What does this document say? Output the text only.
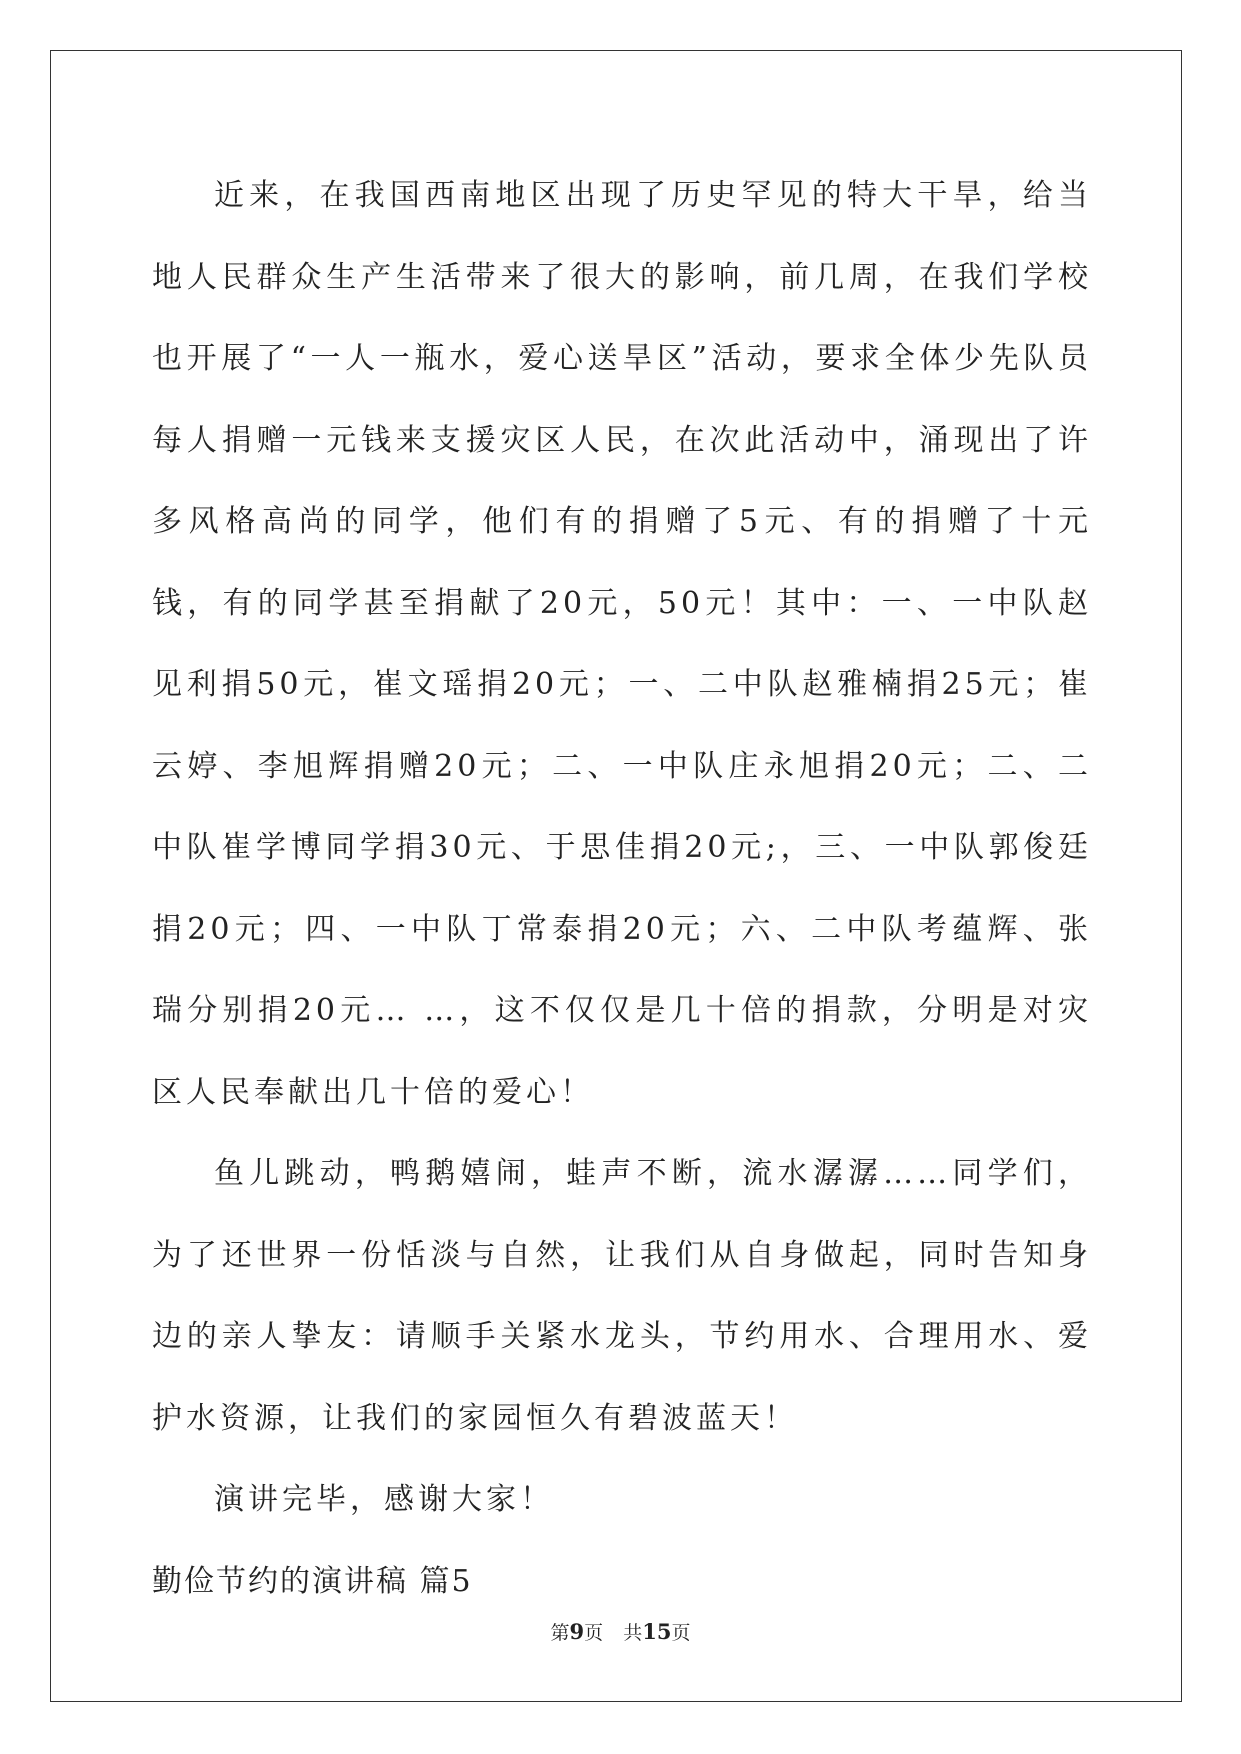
近来，在我国西南地区出现了历史罕见的特大干旱，给当地人民群众生产生活带来了很大的影响，前几周，在我们学校也开展了“一人一瓶水，爱心送旱区”活动，要求全体少先队员每人捐赠一元钱来支援灾区人民，在次此活动中，涌现出了许多风格高尚的同学，他们有的捐赠了5元、有的捐赠了十元钱，有的同学甚至捐献了20元，50元！其中：一、一中队赵见利捐50元，崔文瑶捐20元；一、二中队赵雅楠捐25元；崔云婷、李旭辉捐赠20元；二、一中队庄永旭捐20元；二、二中队崔学博同学捐30元、于思佳捐20元;，三、一中队郭俊廷捐20元；四、一中队丁常泰捐20元；六、二中队考蕴辉、张瑞分别捐20元… …，这不仅仅是几十倍的捐款，分明是对灾区人民奉献出几十倍的爱心！

鱼儿跳动，鸭鹅嬉闹，蛙声不断，流水潺潺……同学们，为了还世界一份恬淡与自然，让我们从自身做起，同时告知身边的亲人挚友：请顺手关紧水龙头，节约用水、合理用水、爱护水资源，让我们的家园恒久有碧波蓝天！

演讲完毕，感谢大家！

勤俭节约的演讲稿 篇5

第9页 共15页
